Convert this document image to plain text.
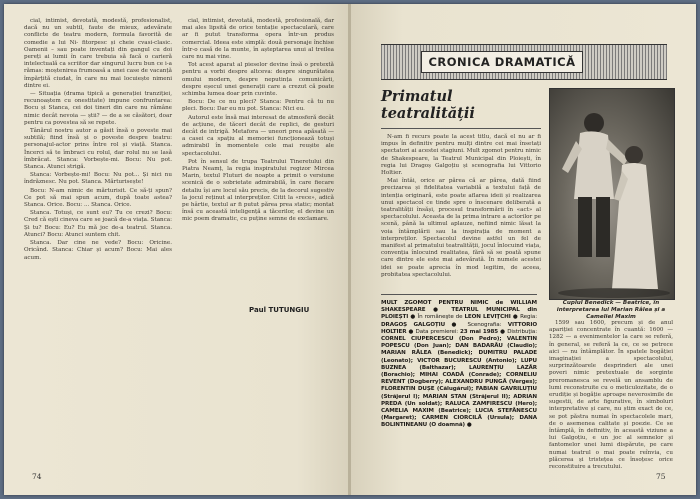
cial, intimist, devotată, modestă, profesionalist, dacă nu un subtil, faute de mieux, adevărate conflicte de teatru modern, formula favorită de comedie a lui Ni- fitorpesc și cheie cvasi-clasic. Oamenii – sau poate inventați din gangul cu doi pereți ai lumii în care trebuia să facă o carieră intelectuală ca scriitor dar singurul lucru bun ce i-a rămas: moștenirea frumoasă a unei case de vacanță împărțită ciudat, în care nu mai locuiește nimeni dintre ei.

— Situația (drama tipică a generației tranziției, recunoaștem cu onestitate) impune confruntarea: Bocu și Stanca, cei doi tineri din care nu rămâne nimic decât nevoia — știi? — de a se căsători, doar pentru ca povestea să se repete.

Tânărul nostru autor a găsit însă o poveste mai subtilă; fiind însă și o poveste despre teatru: personajul-actor prins între rol și viață. Stanca. Încerci să te îmbraci cu rolul, dar rolul nu se lasă îmbrăcat. Stanca: Vorbește-mi. Bocu: Nu pot. Stanca. Atunci strigă.

Stanca: Vorbește-mi! Bocu: Nu pot... Și nici nu îndrăznesc. Nu pot. Stanca. Mărturisește!

Bocu: N-am nimic de mărturisit. Ce să-ți spun? Ce pot să mai spun acum, după toate astea? Stanca. Orice. Bocu: ... Stanca. Orice.

Stanca. Totuși, ce sunt eu? Tu ce crezi? Bocu: Cred că ești cineva care se joacă de-a viața. Stanca: Și tu? Bocu: Eu? Eu mă joc de-a teatrul. Stanca. Atunci? Bocu: Atunci suntem chit.

Stanca. Dar cine ne vede? Bocu: Oricine. Oricând. Stanca: Chiar și acum? Bocu: Mai ales acum.

cial, intimist, devotată, modestă, profesională, dar mai ales lipsită de orice tentație spectaculară, care ar fi putut transforma opera într-un produs comercial. Ideea este simplă: două personaje închise într-o casă de la munte, în așteptarea unui al treilea care nu mai vine.

Tot acest aparat al pieselor devine însă o pretextă pentru a vorbi despre altceva: despre singurătatea omului modern, despre neputința comunicării, despre eșecul unei generații care a crezut că poate schimba lumea doar prin cuvinte.

Bocu: De ce nu pleci? Stanca: Pentru că tu nu pleci. Bocu: Dar eu nu pot. Stanca: Nici eu.

Autorul este însă mai interesat de atmosferă decât de acțiune, de tăceri decât de replici, de gesturi decât de intrigă. Metafora — uneori prea apăsată — a casei ca spațiu al memoriei funcționează totuși admirabil în momentele cele mai reușite ale spectacolului.

Pot în sensul de trupa Teatrului Tineretului din Piatra Neamț, la regia inspiratului regizor Mircea Marin, textul Fluturi de noapte a primit o versiune scenică de o sobrietate admirabilă, în care fiecare detaliu își are locul său precis, de la decorul sugestiv la jocul reținut al interpreților. Citit la «rece», adică pe hârtie, textul ar fi putut părea prea static; montat însă cu această inteligență a tăcerilor, el devine un mic poem dramatic, cu puține semne de exclamare.

Paul TUTUNGIU
74
CRONICA DRAMATICĂ
Primatul
teatralității

N-am fi recurs poate la acest titlu, dacă el nu ar fi impus în definitiv pentru mulți dintre cei mai însetați spectatori ai acestei stagiuni. Mult zgomot pentru nimic de Shakespeare, la Teatrul Municipal din Ploiești, în regia lui Dragoș Galgoțiu și scenografia lui Vittorio Holtier.

Mai întâi, orice ar părea că ar părea, dată fiind precizarea și fidelitatea variabilă a textului față de intenția originară, este poate aflarea ideii și realizarea unui spectacol ce tinde spre o înscenare deliberată a teatralității însăși, procesul transformării în «act» al spectacolului. Aceasta de la prima intrare a actorilor pe scenă, până la ultimul aplauze, nefiind nimic lăsat la voia întâmplării sau la inspirația de moment a interpreților. Spectacolul devine astfel un fel de manifest al primatului teatralității, jocul înlocuind viața, convenția înlocuind realitatea, fără să se poată spune care dintre ele este mai adevărată. În numele acestei idei se poate aprecia în mod legitim, de aceea, probitatea spectacolului.

MULT ZGOMOT PENTRU NIMIC de WILLIAM SHAKESPEARE ● TEATRUL MUNICIPAL din PLOIEȘTI ● În româneşte de LEON LEVIŢCHI ● Regia: DRAGOȘ GALGOȚIU ● Scenografia: VITTORIO HOLTIER ● Data premierei: 23 mai 1985 ● Distribuţia: CORNEL CIUPERCESCU (Don Pedro); VALENTIN POPESCU (Don Juan); DAN BADARĂU (Claudio); MARIAN RĂLEA (Benedick); DUMITRU PALADE (Leonato); VICTOR BUCURESCU (Antonio); LUPU BUZNEA (Balthazar); LAURENȚIU LAZĂR (Borachio); MIHAI COADĂ (Conrade); CORNELIU REVENT (Dogberry); ALEXANDRU PUNGĂ (Verges); FLORENTIN DUȘE (Călugărul); FABIAN GAVRILUȚIU (Străjerul I); MARIAN STAN (Străjerul II); ADRIAN PREDA (Un soldat); RALUCA ZAMFIRESCU (Hero); CAMELIA MAXIM (Beatrice); LUCIA STEFĂNESCU (Margaret); CARMEN CIORCILĂ (Ursula); DANA BOLINTINEANU (O doamnă) ●
Cuplul Benedick — Beatrice, în interpretarea lui Marian Râlea și a
Cameliei Maxim
1599 sau 1600, precum și de anul apariției concentrate în cuantă: 1600 — 1282 — a evenimentelor la care se referă, în general, se referă la ce, ce se petrece aici — nu întâmplător. În spatele bogăției imaginației a spectacolului, surprinzătoarele desprinderi ale unei poveri nimic pretextuale de sorginte preromanesca se revelă un ansamblu de lumi reconstruite cu o meticulozitate, de o erudiție și bogăție aproape neverosimile de sugestii, de arte figurative, în simboluri interpretative și care, nu știm exact de ce, se pot păstra numai în spectacolele mari, de o asemenea calitate și poezie. Ce se întâmplă, în definitiv, în această viziune a lui Galgoțiu, e un joc al semnelor și fantomelor unei lumi dispărute, pe care numai teatrul o mai poate reînvia, cu plăcerea și tristețea ce însoțesc orice reconstituire a trecutului.
75
